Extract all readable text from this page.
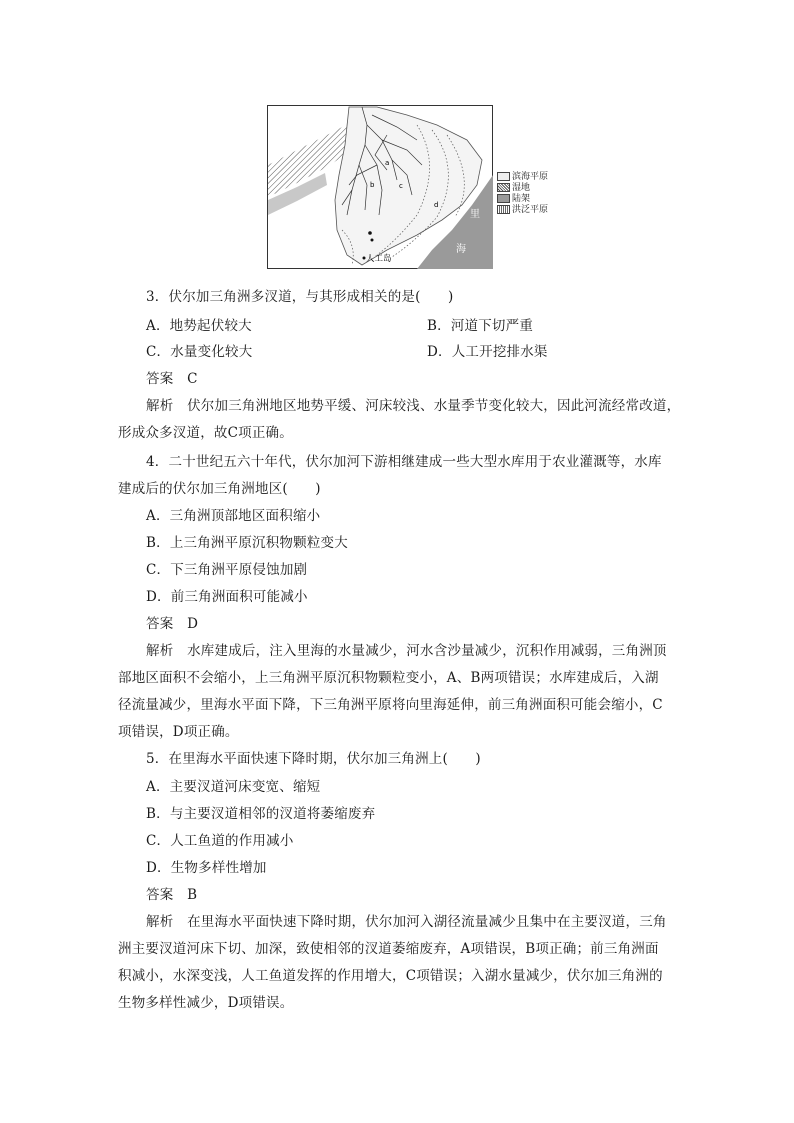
里
海
a
b	c
d
人工岛
滨海平原
湿地
陆架
洪泛平原
3．伏尔加三角洲多汊道，与其形成相关的是(　　)
A．地势起伏较大	B．河道下切严重
C．水量变化较大	D．人工开挖排水渠
答案　C
解析　伏尔加三角洲地区地势平缓、河床较浅、水量季节变化较大，因此河流经常改道，
形成众多汊道，故C项正确。
4．二十世纪五六十年代，伏尔加河下游相继建成一些大型水库用于农业灌溉等，水库
建成后的伏尔加三角洲地区(　　)
A．三角洲顶部地区面积缩小
B．上三角洲平原沉积物颗粒变大
C．下三角洲平原侵蚀加剧
D．前三角洲面积可能减小
答案　D
解析　水库建成后，注入里海的水量减少，河水含沙量减少，沉积作用减弱，三角洲顶
部地区面积不会缩小，上三角洲平原沉积物颗粒变小，A、B两项错误；水库建成后，入湖
径流量减少，里海水平面下降，下三角洲平原将向里海延伸，前三角洲面积可能会缩小，C
项错误，D项正确。
5．在里海水平面快速下降时期，伏尔加三角洲上(　　)
A．主要汊道河床变宽、缩短
B．与主要汊道相邻的汊道将萎缩废弃
C．人工鱼道的作用减小
D．生物多样性增加
答案　B
解析　在里海水平面快速下降时期，伏尔加河入湖径流量减少且集中在主要汊道，三角
洲主要汊道河床下切、加深，致使相邻的汊道萎缩废弃，A项错误，B项正确；前三角洲面
积减小，水深变浅，人工鱼道发挥的作用增大，C项错误；入湖水量减少，伏尔加三角洲的
生物多样性减少，D项错误。
